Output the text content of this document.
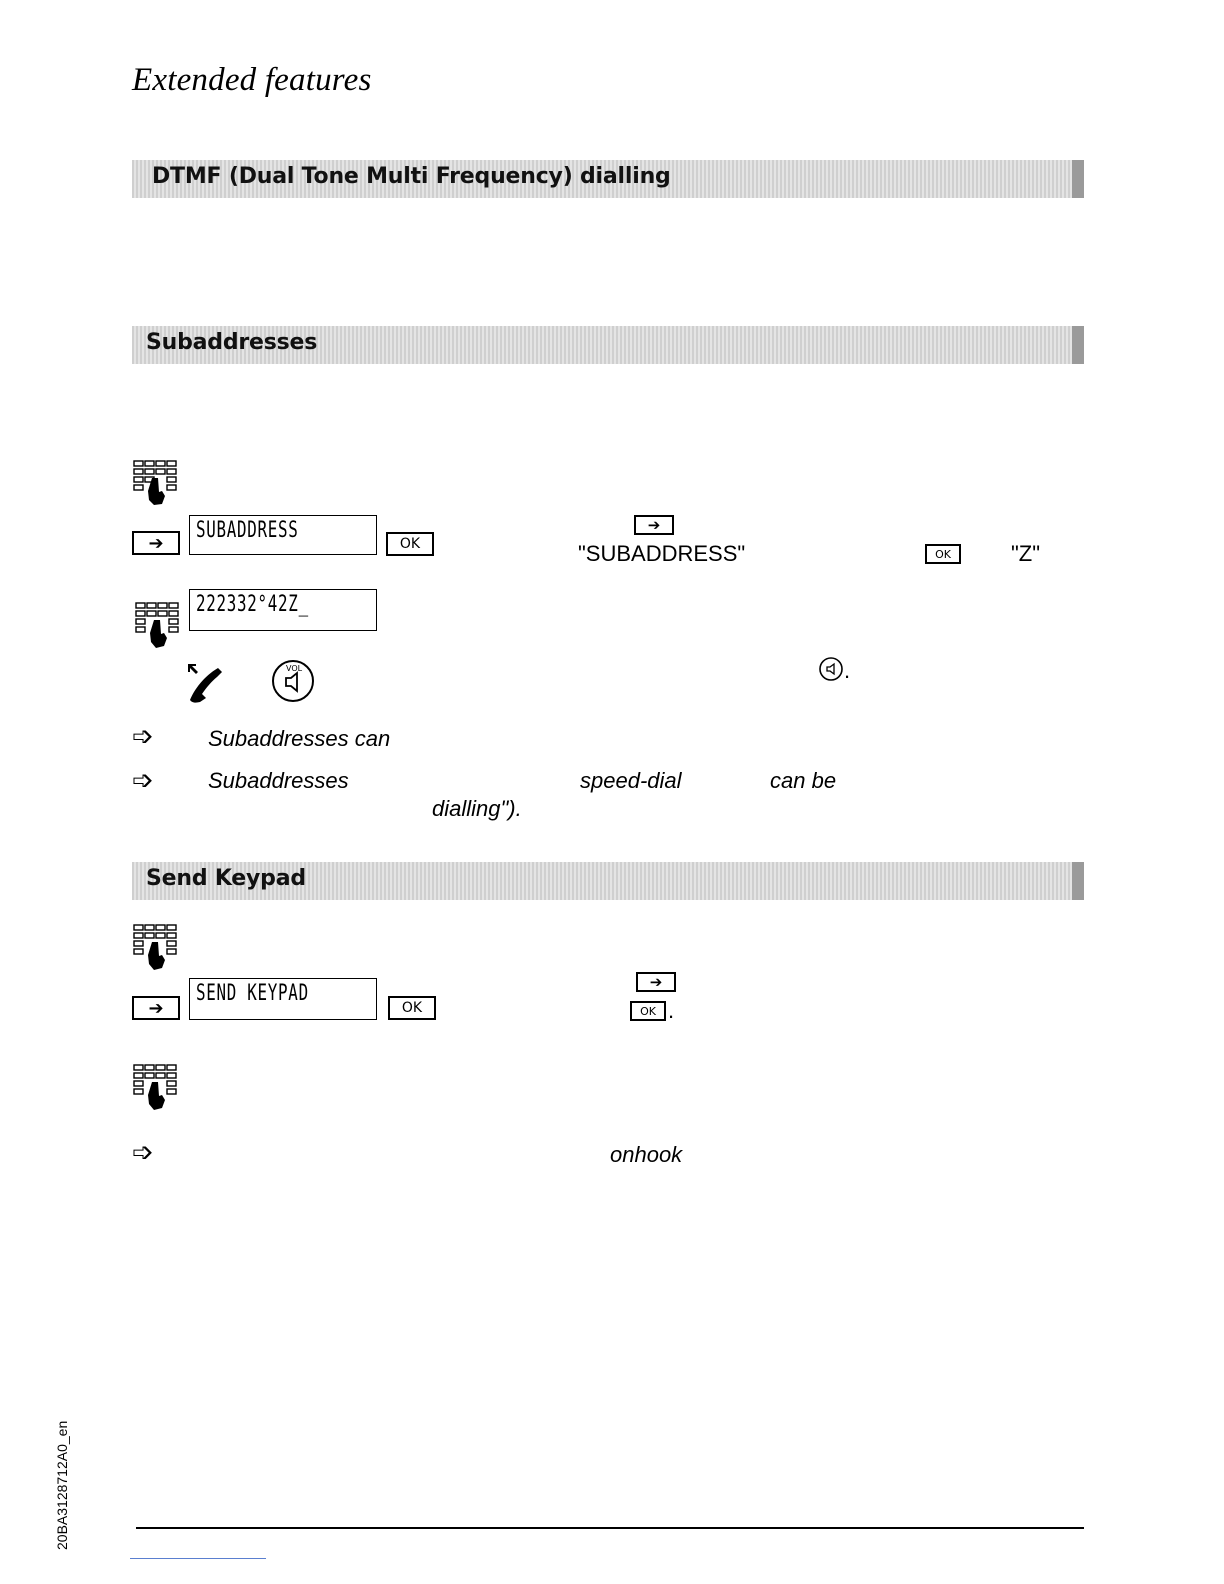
Extended features
DTMF (Dual Tone Multi Frequency) dialling
Subaddresses
➔	SUBADDRESS
OK
➔
"SUBADDRESS"	OK	"Z"
222332°42Z_
VOL	.
➩ Subaddresses can
➩ Subaddresses	speed-dial	can be
dialling").
Send Keypad
➔
SEND KEYPAD
OK
➔
OK .
➩	onhook
20BA3128712A0_en
